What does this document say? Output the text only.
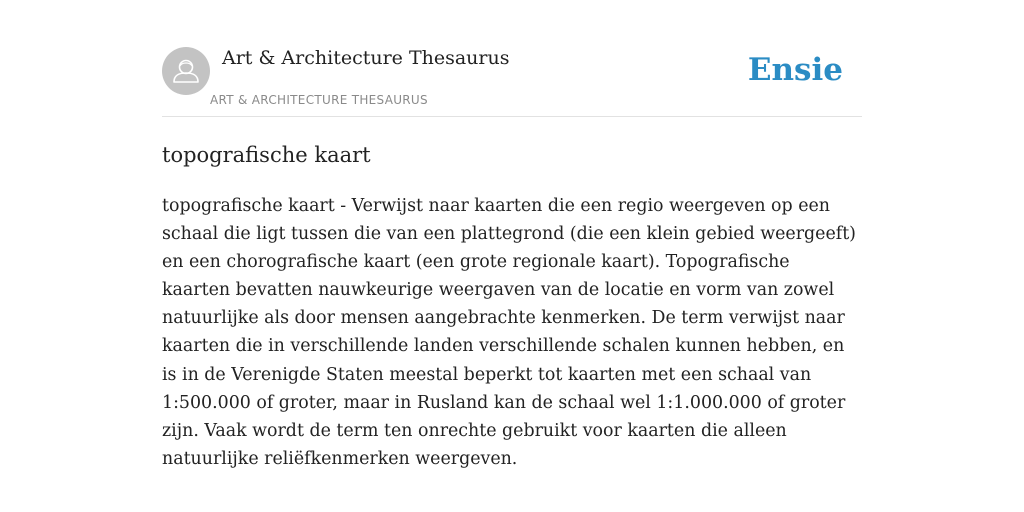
Art & Architecture Thesaurus
ART & ARCHITECTURE THESAURUS
Ensie
topografische kaart

topografische kaart - Verwijst naar kaarten die een regio weergeven op een schaal die ligt tussen die van een plattegrond (die een klein gebied weergeeft) en een chorografische kaart (een grote regionale kaart). Topografische kaarten bevatten nauwkeurige weergaven van de locatie en vorm van zowel natuurlijke als door mensen aangebrachte kenmerken. De term verwijst naar kaarten die in verschillende landen verschillende schalen kunnen hebben, en is in de Verenigde Staten meestal beperkt tot kaarten met een schaal van 1:500.000 of groter, maar in Rusland kan de schaal wel 1:1.000.000 of groter zijn. Vaak wordt de term ten onrechte gebruikt voor kaarten die alleen natuurlijke reliëfkenmerken weergeven.
